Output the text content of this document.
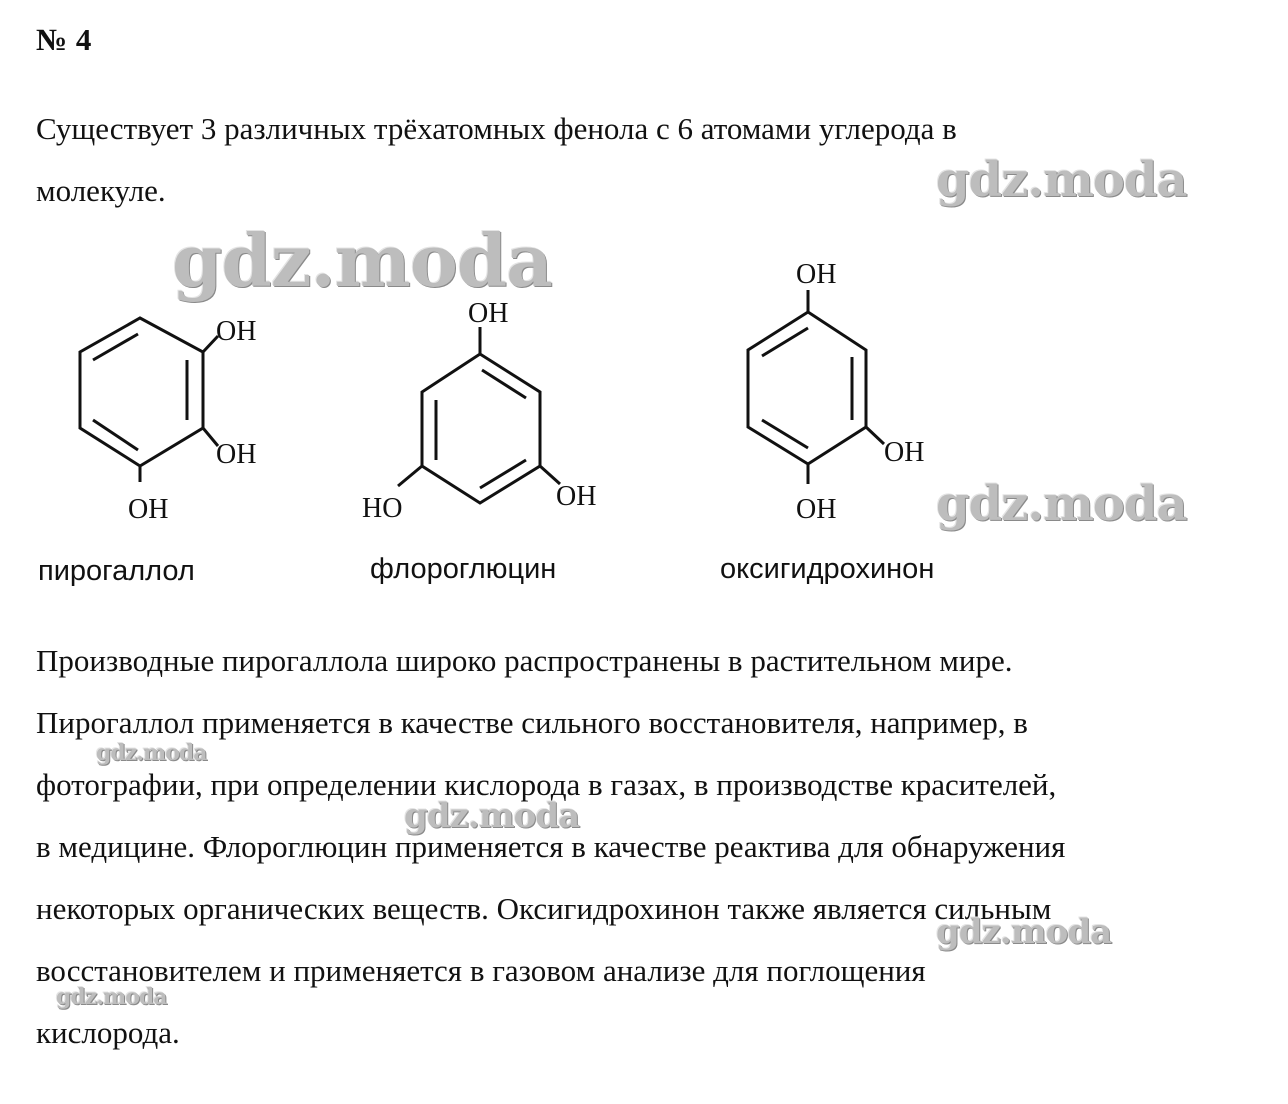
№ 4

Существует 3 различных трёхатомных фенола с 6 атомами углерода в
молекуле.

OH
OH
OH
пирогаллол
OH
HO	OH
флороглюцин
OH
OH
OH
оксигидрохинон

Производные пирогаллола широко распространены в растительном мире.
Пирогаллол применяется в качестве сильного восстановителя, например, в
фотографии, при определении кислорода в газах, в производстве красителей,
в медицине. Флороглюцин применяется в качестве реактива для обнаружения
некоторых органических веществ. Оксигидрохинон также является сильным
восстановителем и применяется в газовом анализе для поглощения
кислорода.

gdz.moda
gdz.moda
gdz.moda
gdz.moda
gdz.moda
gdz.moda
gdz.moda
